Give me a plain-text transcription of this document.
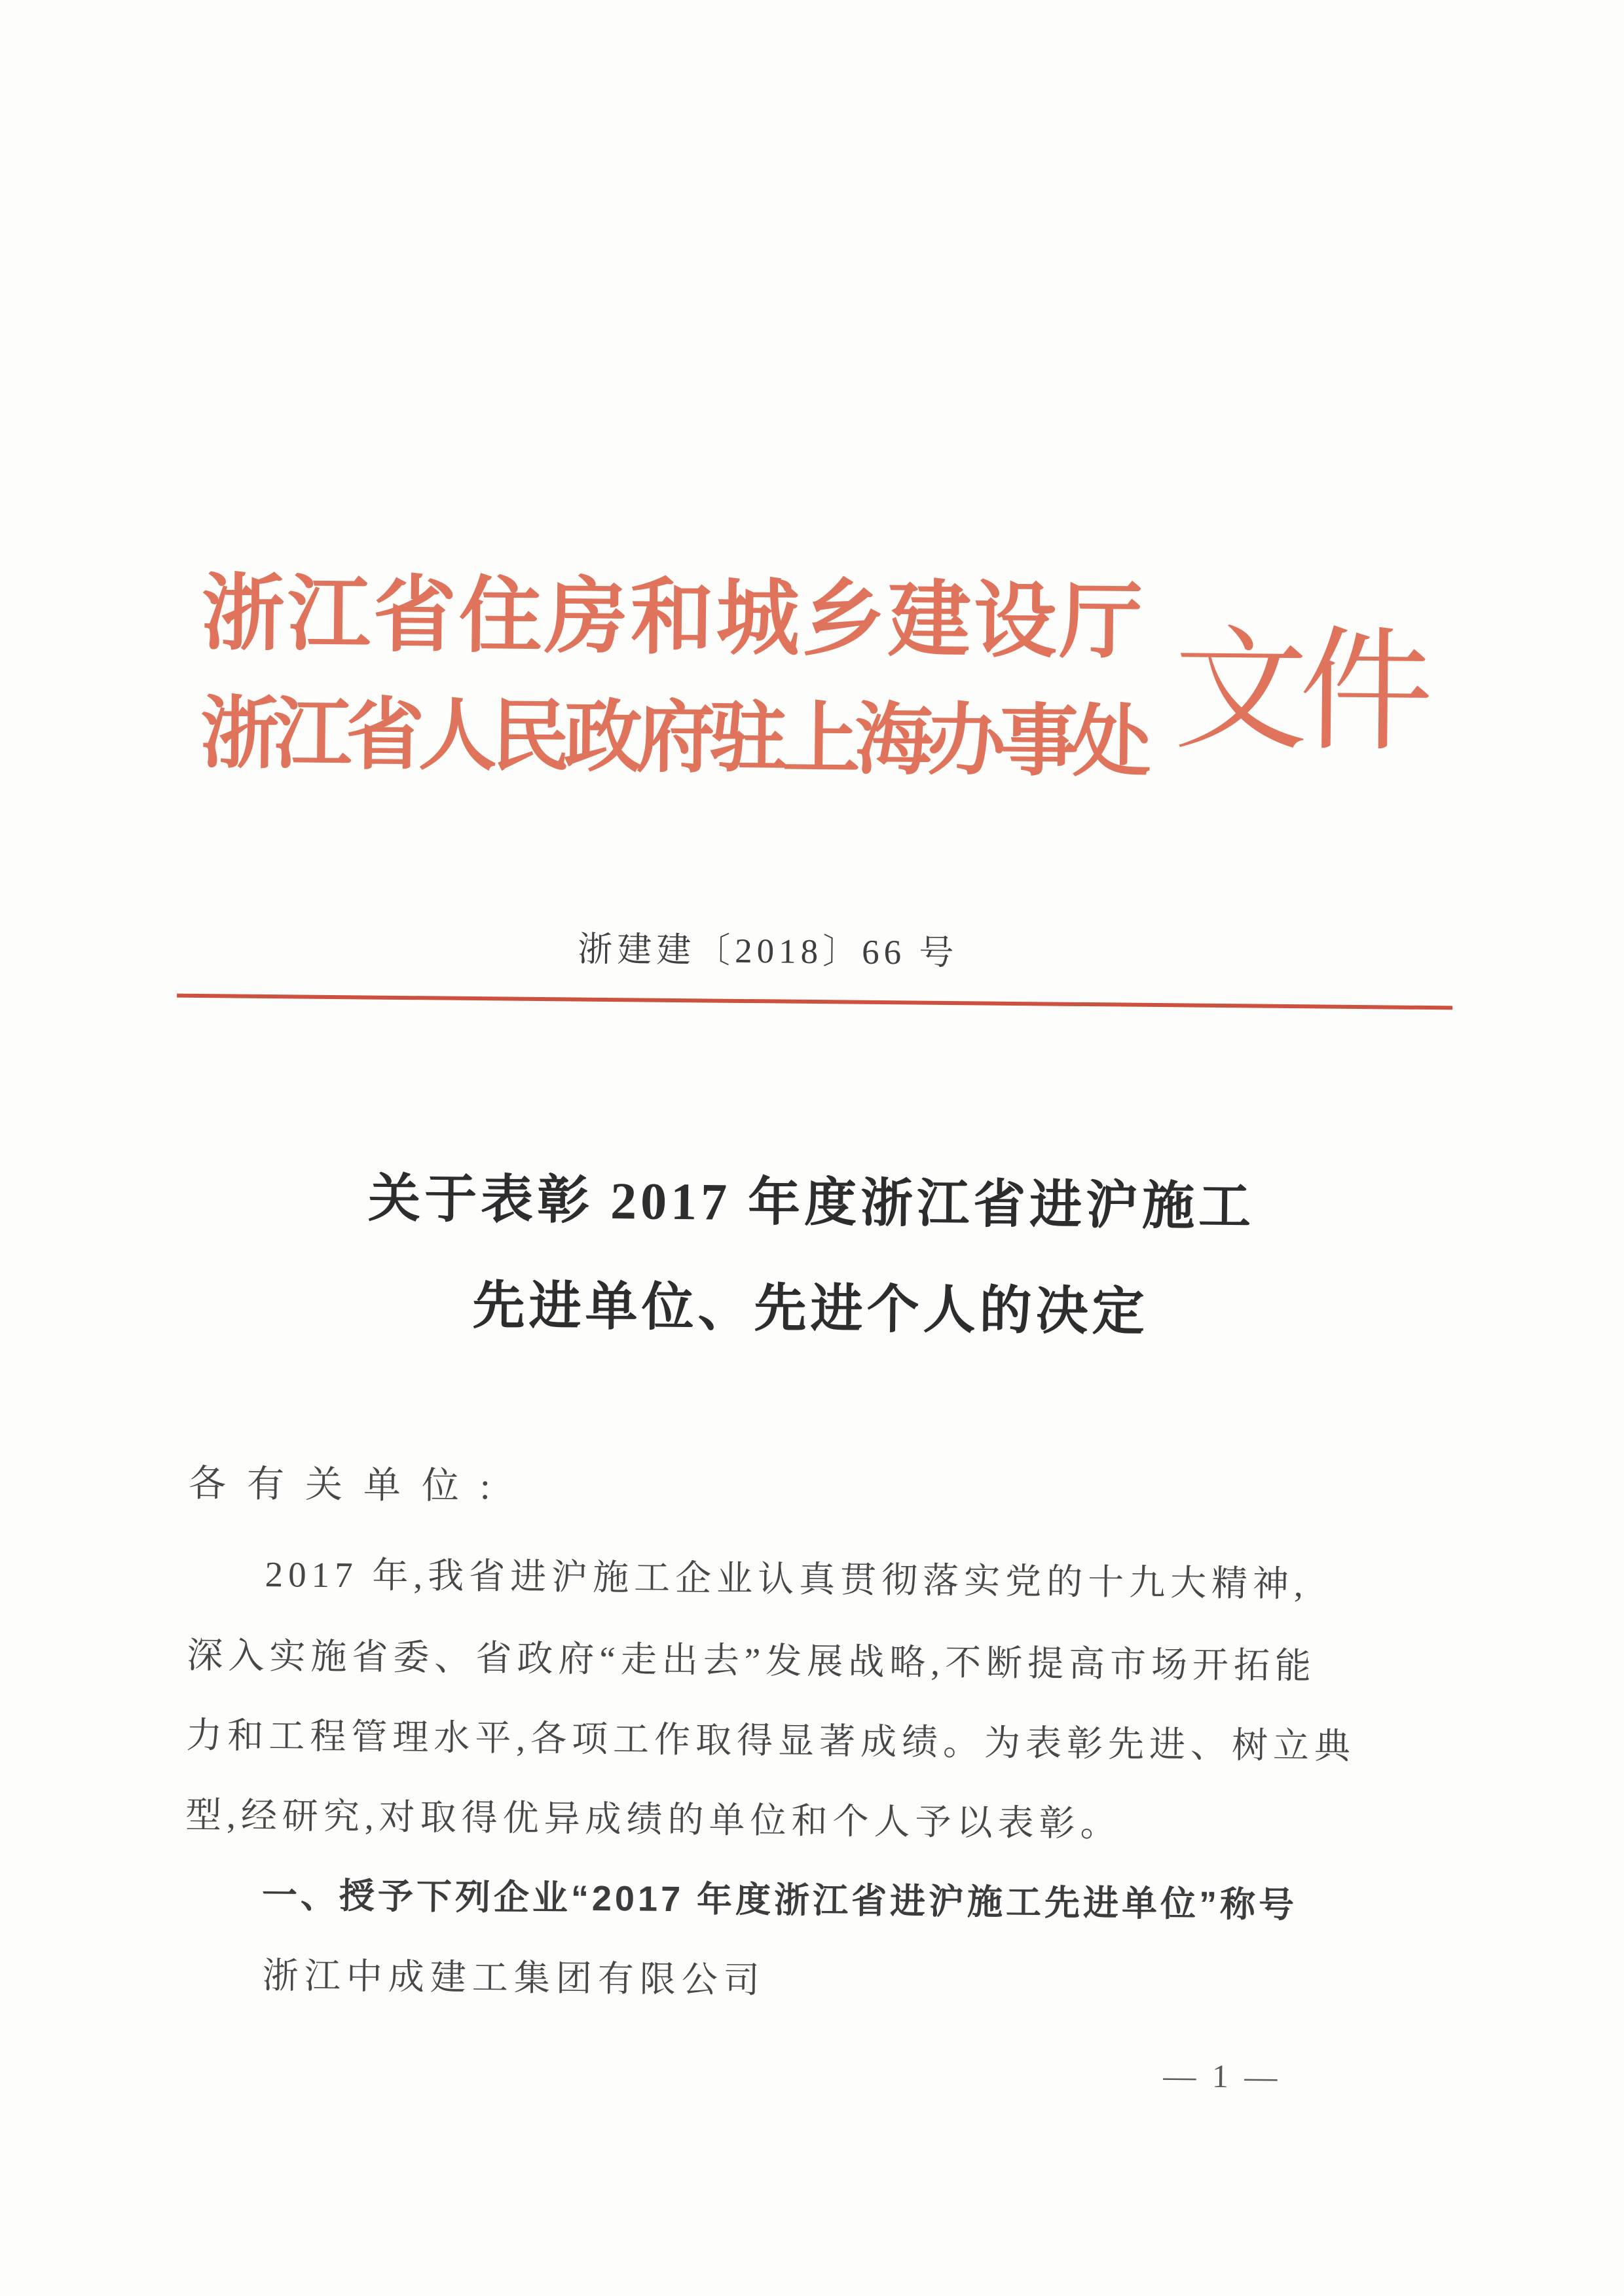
浙江省住房和城乡建设厅
浙江省人民政府驻上海办事处 文件
浙建建〔2018〕66 号
关于表彰 2017 年度浙江省进沪施工
先进单位、先进个人的决定
各有关单位:
2017 年,我省进沪施工企业认真贯彻落实党的十九大精神,
深入实施省委、省政府“走出去”发展战略,不断提高市场开拓能
力和工程管理水平,各项工作取得显著成绩。为表彰先进、树立典
型,经研究,对取得优异成绩的单位和个人予以表彰。
一、授予下列企业“2017 年度浙江省进沪施工先进单位”称号
浙江中成建工集团有限公司
— 1 —
